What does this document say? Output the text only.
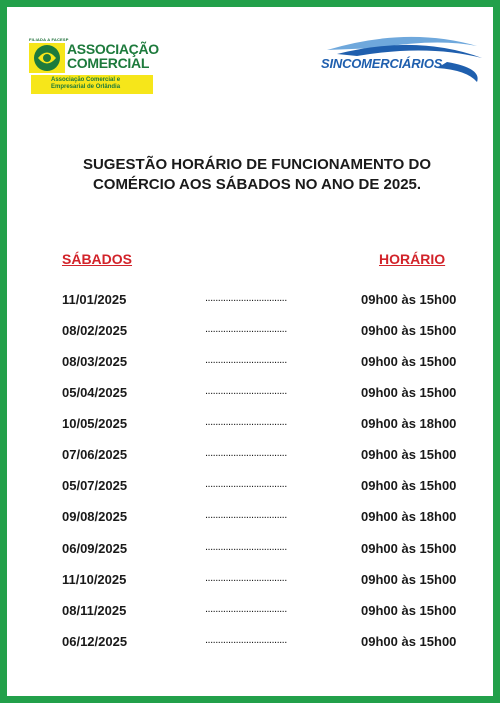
FILIADA A FACESP
ASSOCIAÇÃO
COMERCIAL
Associação Comercial e
Empresarial de Orlândia
SINCOMERCIÁRIOS
SUGESTÃO HORÁRIO DE FUNCIONAMENTO DO
COMÉRCIO AOS SÁBADOS NO ANO DE 2025.
SÁBADOS	HORÁRIO
11/01/2025	................................	09h00 às 15h00
08/02/2025	................................	09h00 às 15h00
08/03/2025	................................	09h00 às 15h00
05/04/2025	................................	09h00 às 15h00
10/05/2025	................................	09h00 às 18h00
07/06/2025	................................	09h00 às 15h00
05/07/2025	................................	09h00 às 15h00
09/08/2025	................................	09h00 às 18h00
06/09/2025	................................	09h00 às 15h00
11/10/2025	................................	09h00 às 15h00
08/11/2025	................................	09h00 às 15h00
06/12/2025	................................	09h00 às 15h00
